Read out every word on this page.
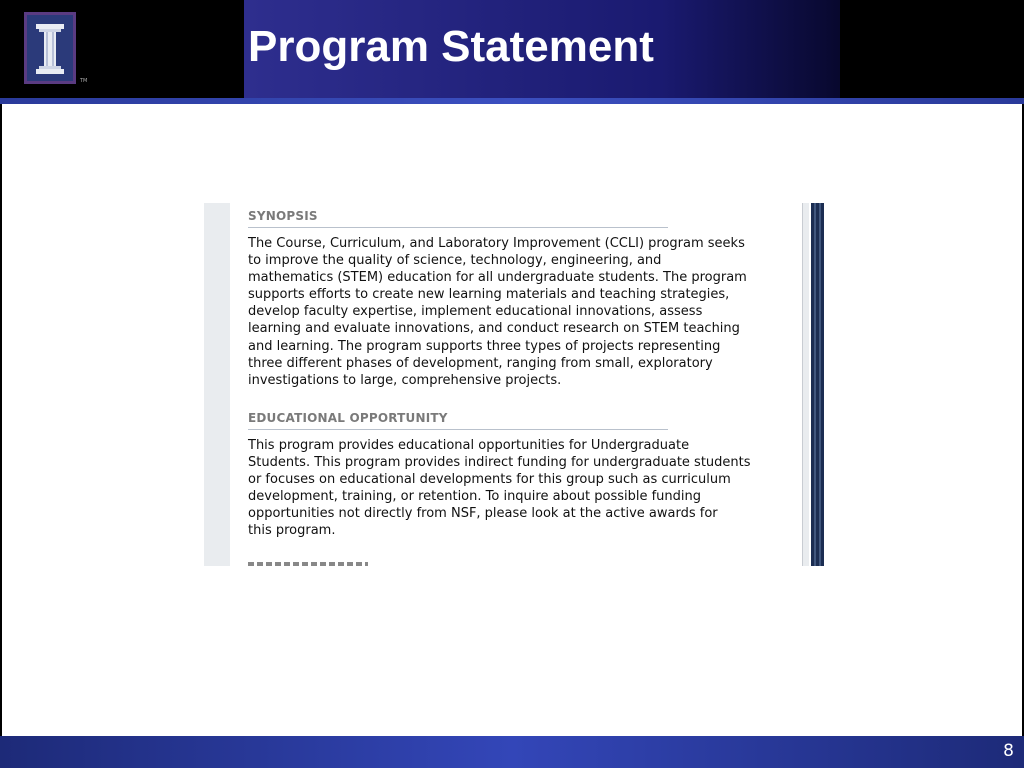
TM
Program Statement
SYNOPSIS

The Course, Curriculum, and Laboratory Improvement (CCLI) program seeks
to improve the quality of science, technology, engineering, and
mathematics (STEM) education for all undergraduate students. The program
supports efforts to create new learning materials and teaching strategies,
develop faculty expertise, implement educational innovations, assess
learning and evaluate innovations, and conduct research on STEM teaching
and learning. The program supports three types of projects representing
three different phases of development, ranging from small, exploratory
investigations to large, comprehensive projects.

EDUCATIONAL OPPORTUNITY

This program provides educational opportunities for Undergraduate
Students. This program provides indirect funding for undergraduate students
or focuses on educational developments for this group such as curriculum
development, training, or retention. To inquire about possible funding
opportunities not directly from NSF, please look at the active awards for
this program.

8
